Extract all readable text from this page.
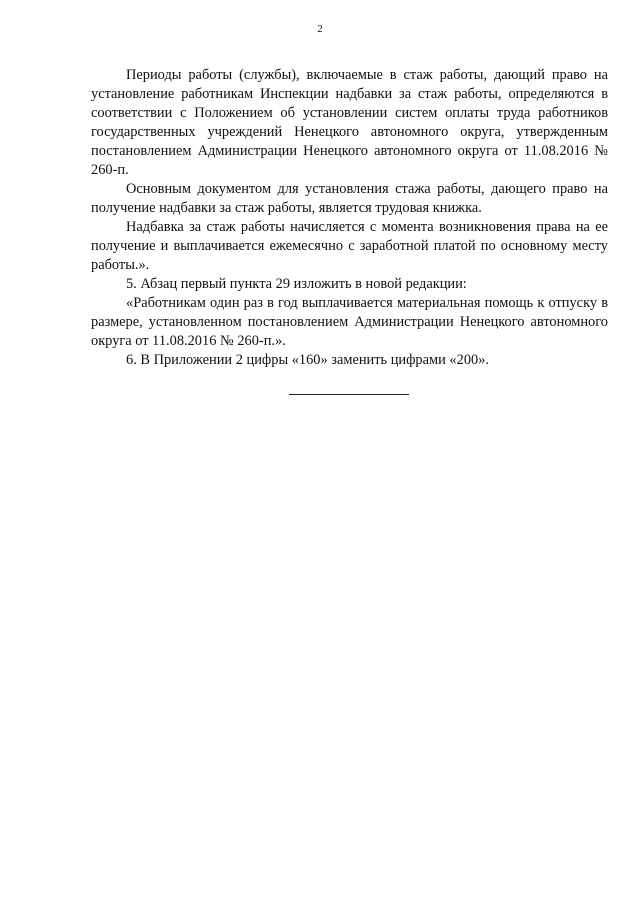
2

Периоды работы (службы), включаемые в стаж работы, дающий право на установление работникам Инспекции надбавки за стаж работы, определяются в соответствии с Положением об установлении систем оплаты труда работников государственных учреждений Ненецкого автономного округа, утвержденным постановлением Администрации Ненецкого автономного округа от 11.08.2016 № 260-п.

Основным документом для установления стажа работы, дающего право на получение надбавки за стаж работы, является трудовая книжка.

Надбавка за стаж работы начисляется с момента возникновения права на ее получение и выплачивается ежемесячно с заработной платой по основному месту работы.».

5. Абзац первый пункта 29 изложить в новой редакции:

«Работникам один раз в год выплачивается материальная помощь к отпуску в размере, установленном постановлением Администрации Ненецкого автономного округа от 11.08.2016 № 260-п.».

6. В Приложении 2 цифры «160» заменить цифрами «200».
